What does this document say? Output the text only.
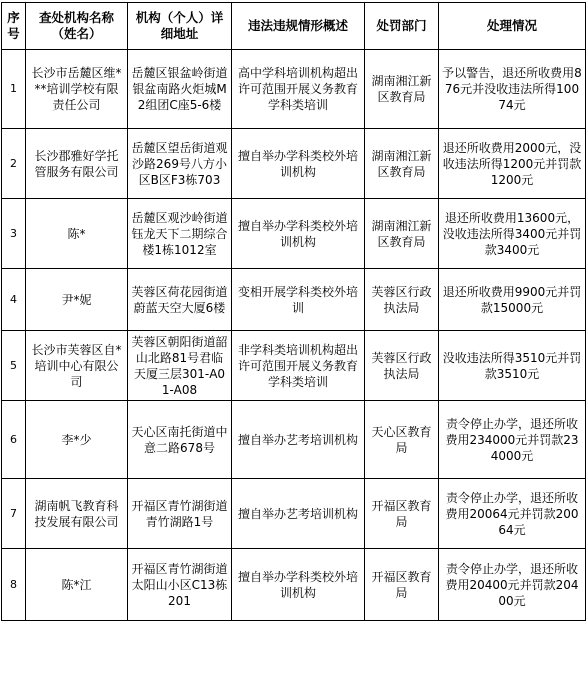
序号	查处机构名称（姓名）	机构（个人）详细地址	违法违规情形概述	处罚部门	处理情况
1	长沙市岳麓区维***培训学校有限责任公司	岳麓区银盆岭街道银盆南路火炬城M2组团C座5-6楼	高中学科培训机构超出许可范围开展义务教育学科类培训	湖南湘江新区教育局	予以警告，退还所收费用876元并没收违法所得10074元
2	长沙郡雅好学托管服务有限公司	岳麓区望岳街道观沙路269号八方小区B区F3栋703	擅自举办学科类校外培训机构	湖南湘江新区教育局	退还所收费用2000元，没收违法所得1200元并罚款1200元
3	陈*	岳麓区观沙岭街道钰龙天下二期综合楼1栋1012室	擅自举办学科类校外培训机构	湖南湘江新区教育局	退还所收费用13600元，没收违法所得3400元并罚款3400元
4	尹*妮	芙蓉区荷花园街道蔚蓝天空大厦6楼	变相开展学科类校外培训	芙蓉区行政执法局	退还所收费用9900元并罚款15000元
5	长沙市芙蓉区自*培训中心有限公司	芙蓉区朝阳街道韶山北路81号君临天厦三层301-A01-A08	非学科类培训机构超出许可范围开展义务教育学科类培训	芙蓉区行政执法局	没收违法所得3510元并罚款3510元
6	李*少	天心区南托街道中意二路678号	擅自举办艺考培训机构	天心区教育局	责令停止办学，退还所收费用234000元并罚款234000元
7	湖南帆飞教育科技发展有限公司	开福区青竹湖街道青竹湖路1号	擅自举办艺考培训机构	开福区教育局	责令停止办学，退还所收费用20064元并罚款20064元
8	陈*江	开福区青竹湖街道太阳山小区C13栋201	擅自举办学科类校外培训机构	开福区教育局	责令停止办学，退还所收费用20400元并罚款20400元
